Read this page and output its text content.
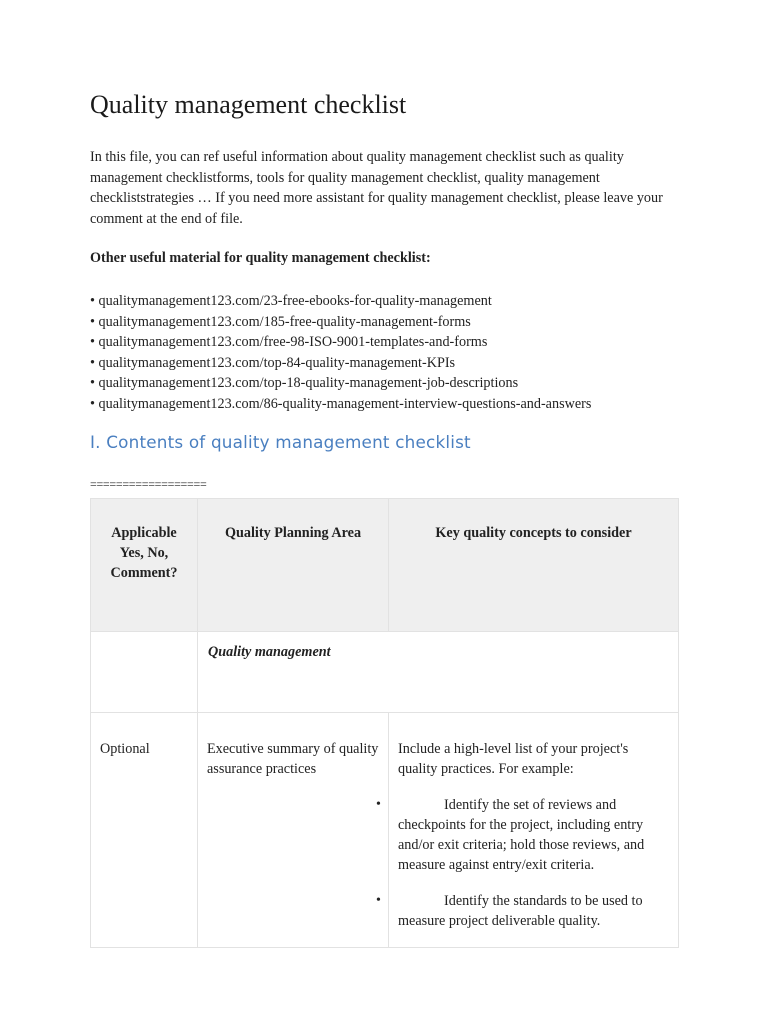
Quality management checklist

In this file, you can ref useful information about quality management checklist such as quality management checklistforms, tools for quality management checklist, quality management checkliststrategies … If you need more assistant for quality management checklist, please leave your comment at the end of file.

Other useful material for quality management checklist:

• qualitymanagement123.com/23-free-ebooks-for-quality-management
• qualitymanagement123.com/185-free-quality-management-forms
• qualitymanagement123.com/free-98-ISO-9001-templates-and-forms
• qualitymanagement123.com/top-84-quality-management-KPIs
• qualitymanagement123.com/top-18-quality-management-job-descriptions
• qualitymanagement123.com/86-quality-management-interview-questions-and-answers
I. Contents of quality management checklist
==================
Applicable Yes, No, Comment?	Quality Planning Area	Key quality concepts to consider
	Quality management	
Optional	Executive summary of quality assurance practices	Include a high-level list of your project's quality practices. For example:
• Identify the set of reviews and checkpoints for the project, including entry and/or exit criteria; hold those reviews, and measure against entry/exit criteria.
• Identify the standards to be used to measure project deliverable quality.
